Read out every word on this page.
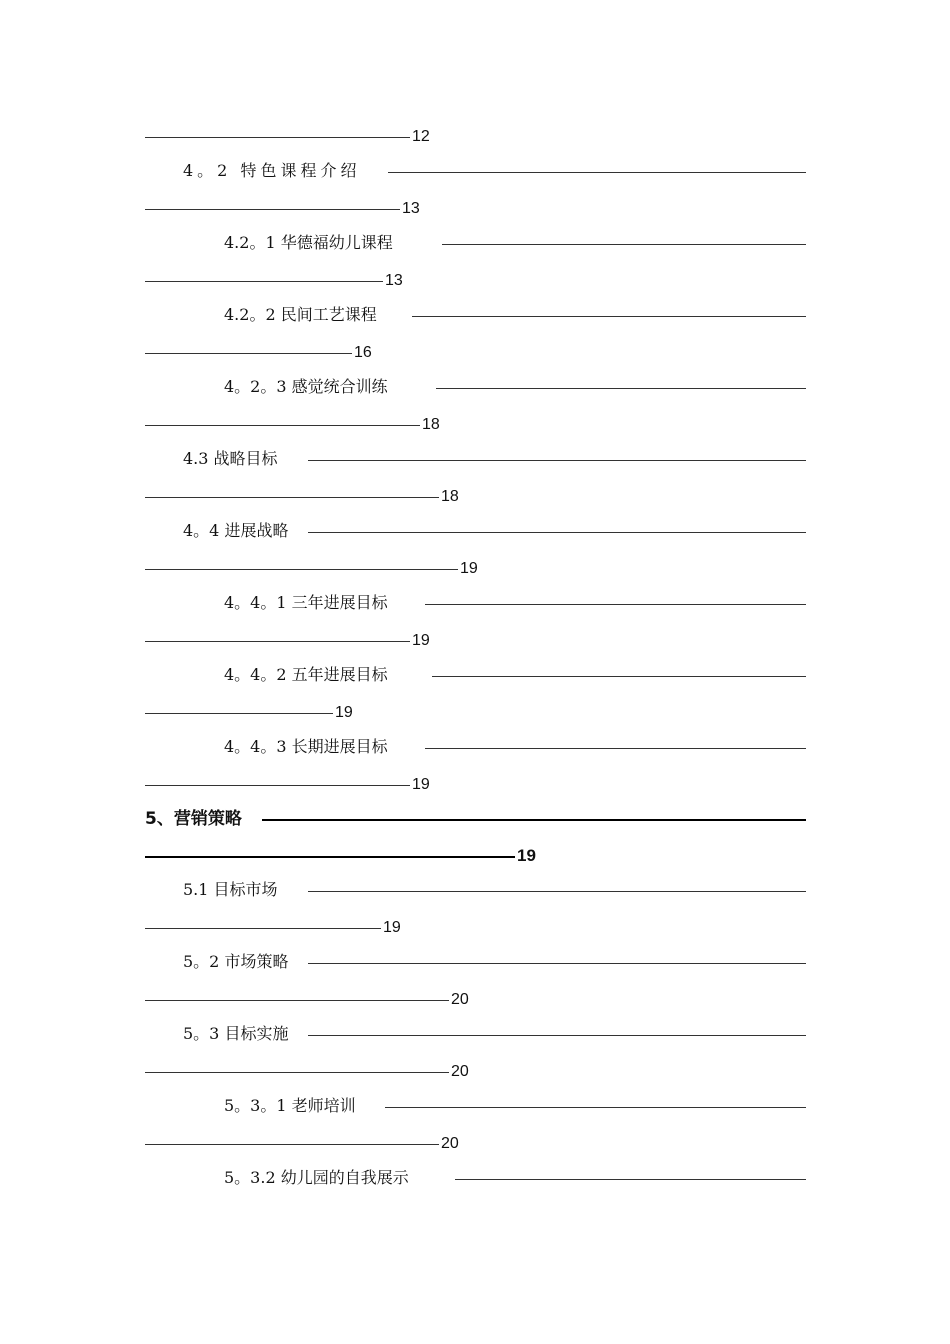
12
4。2 特色课程介绍
13
4.2。1 华德福幼儿课程
13
4.2。2 民间工艺课程
16
4。2。3 感觉统合训练
18
4.3 战略目标
18
4。4 进展战略
19
4。4。1 三年进展目标
19
4。4。2 五年进展目标
19
4。4。3 长期进展目标
19
5、营销策略
19
5.1 目标市场
19
5。2 市场策略
20
5。3 目标实施
20
5。3。1 老师培训
20
5。3.2 幼儿园的自我展示
